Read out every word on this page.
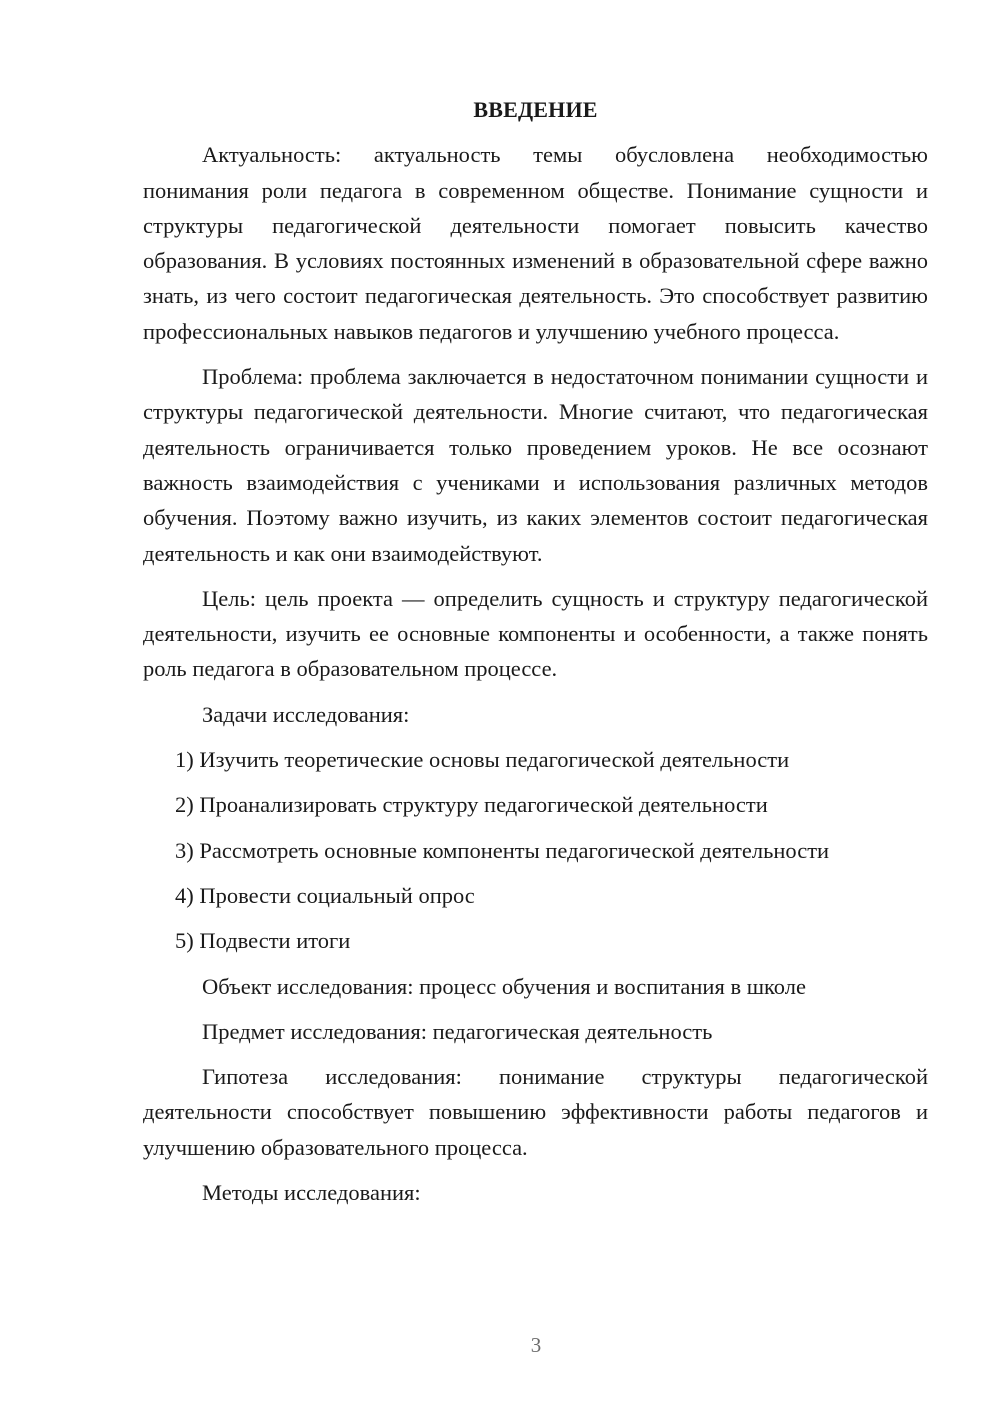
ВВЕДЕНИЕ

Актуальность: актуальность темы обусловлена необходимостью понимания роли педагога в современном обществе. Понимание сущности и структуры педагогической деятельности помогает повысить качество образования. В условиях постоянных изменений в образовательной сфере важно знать, из чего состоит педагогическая деятельность. Это способствует развитию профессиональных навыков педагогов и улучшению учебного процесса.

Проблема: проблема заключается в недостаточном понимании сущности и структуры педагогической деятельности. Многие считают, что педагогическая деятельность ограничивается только проведением уроков. Не все осознают важность взаимодействия с учениками и использования различных методов обучения. Поэтому важно изучить, из каких элементов состоит педагогическая деятельность и как они взаимодействуют.

Цель: цель проекта — определить сущность и структуру педагогической деятельности, изучить ее основные компоненты и особенности, а также понять роль педагога в образовательном процессе.

Задачи исследования:
1) Изучить теоретические основы педагогической деятельности
2) Проанализировать структуру педагогической деятельности
3) Рассмотреть основные компоненты педагогической деятельности
4) Провести социальный опрос
5) Подвести итоги
Объект исследования: процесс обучения и воспитания в школе
Предмет исследования: педагогическая деятельность

Гипотеза исследования: понимание структуры педагогической деятельности способствует повышению эффективности работы педагогов и улучшению образовательного процесса.

Методы исследования:
3
